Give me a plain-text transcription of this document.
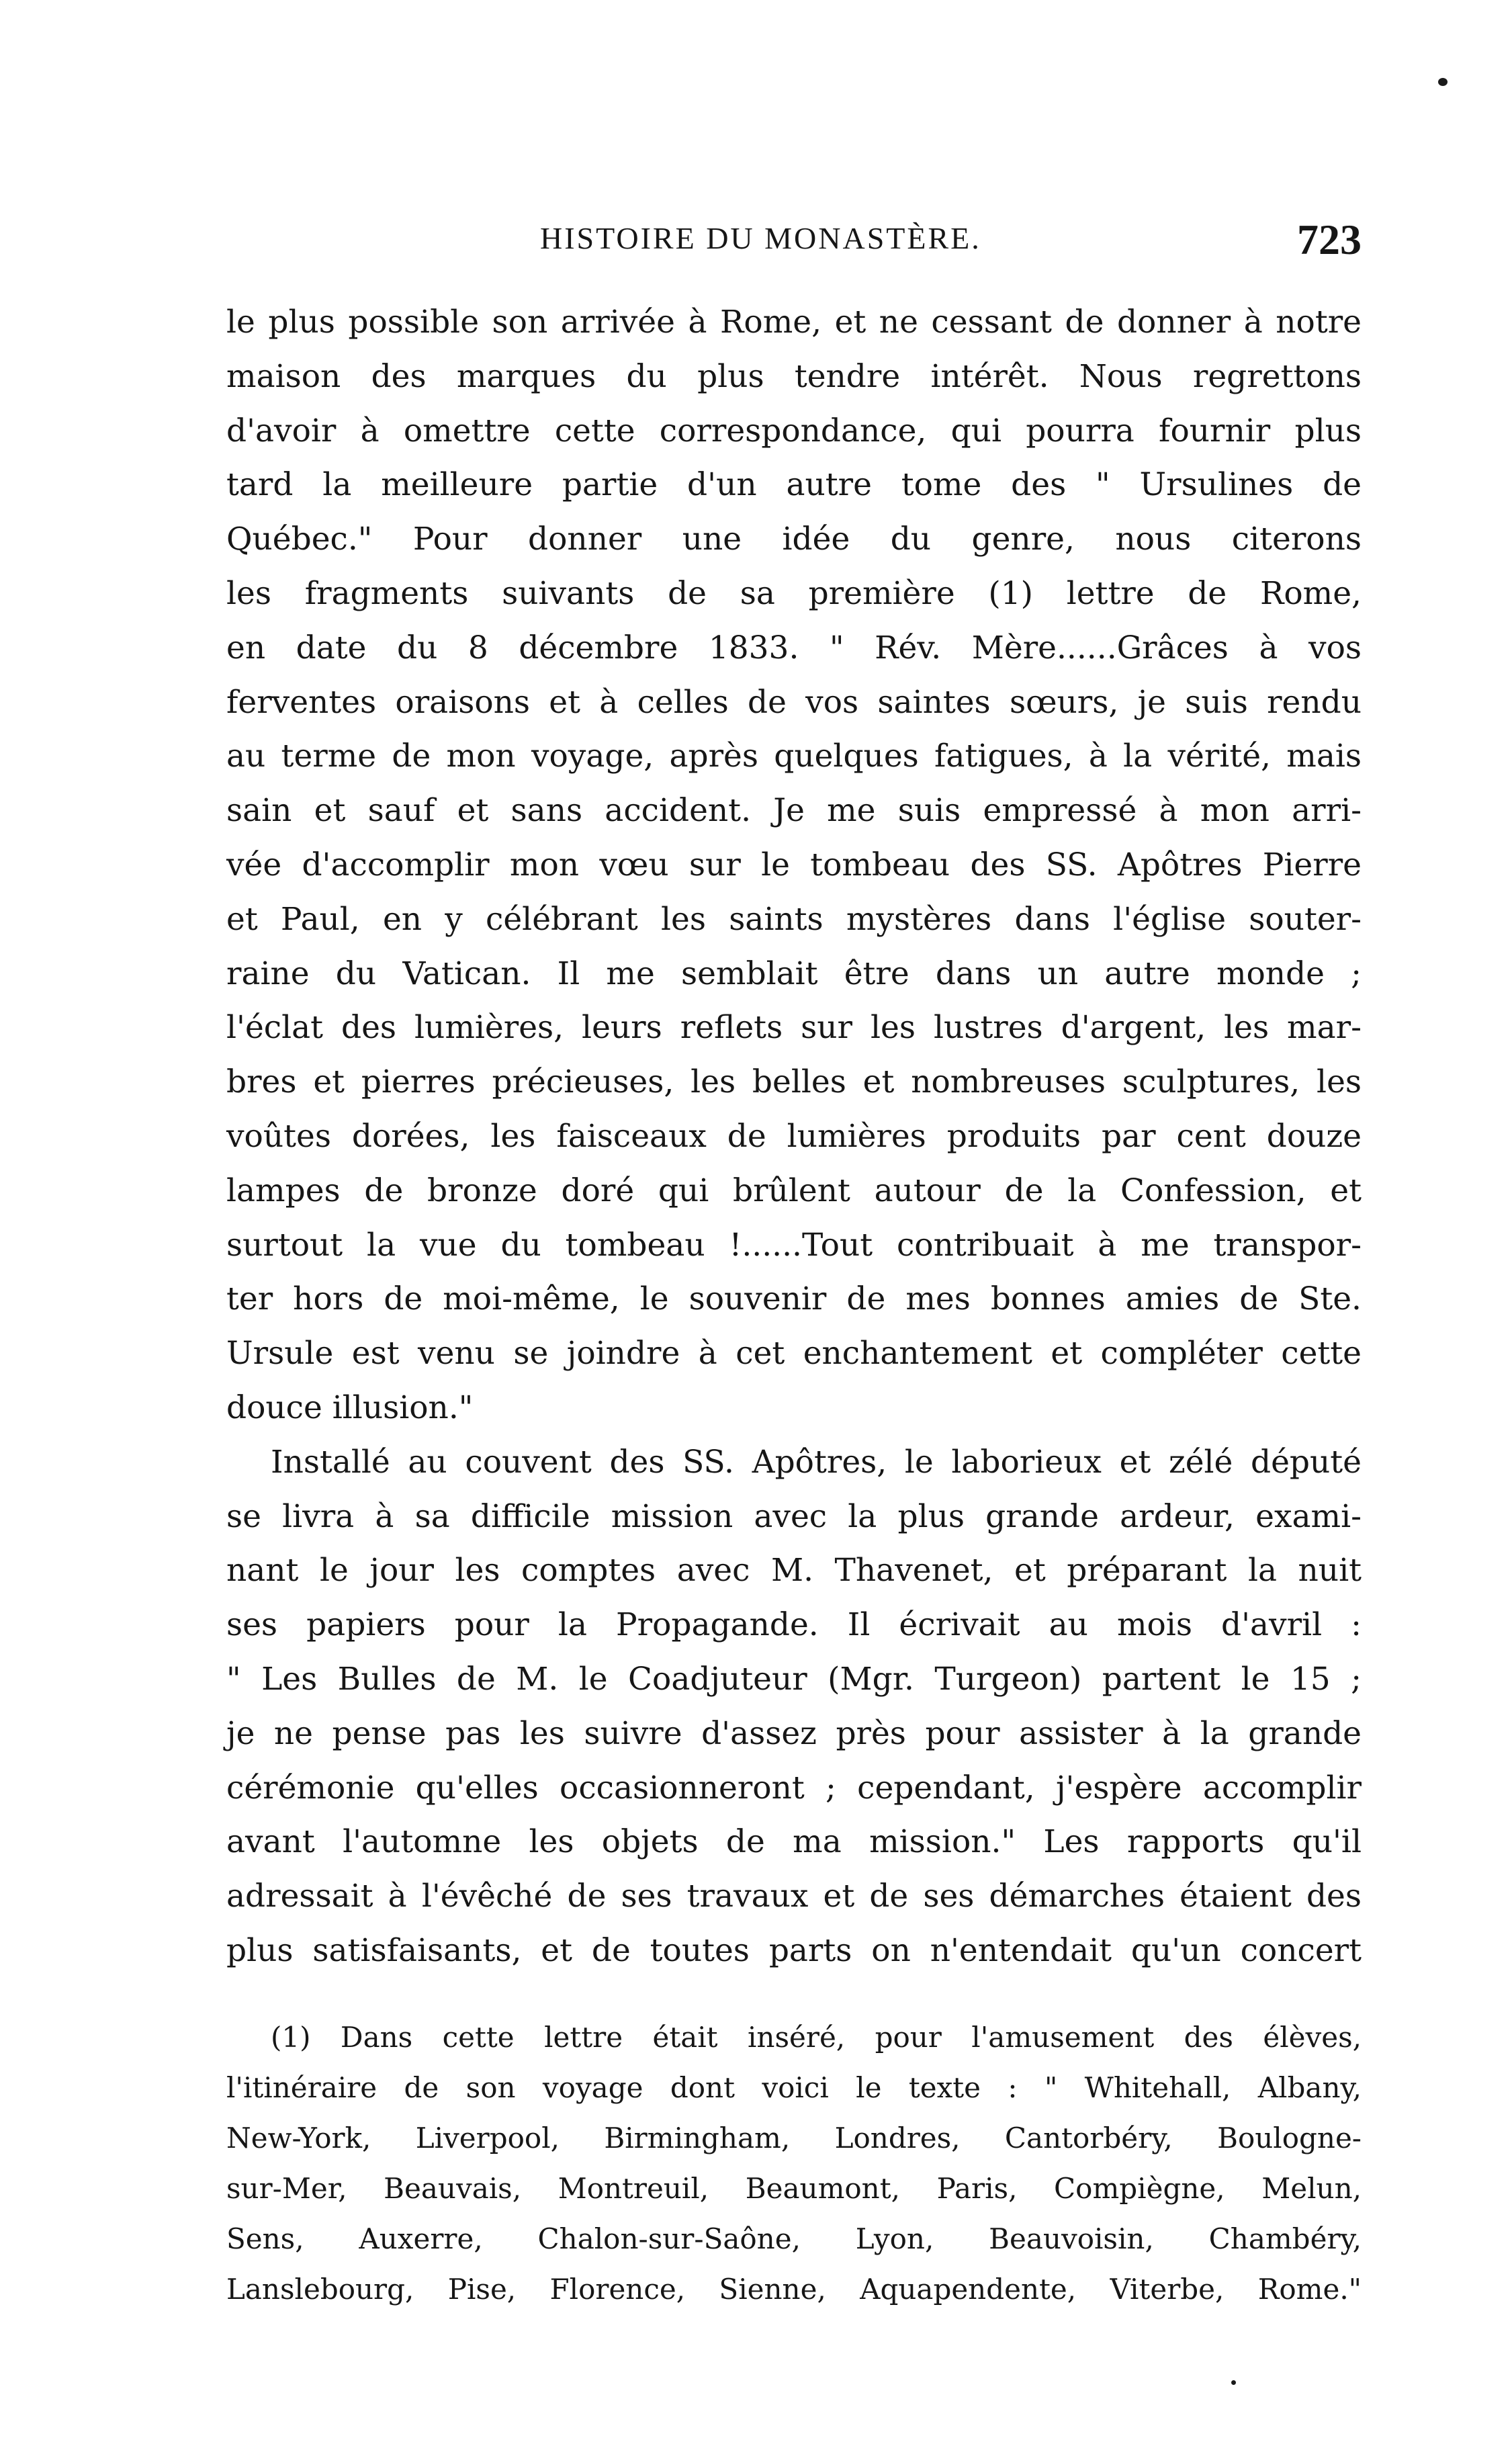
HISTOIRE DU MONASTÈRE.	723
le plus possible son arrivée à Rome, et ne cessant de donner à notre
maison des marques du plus tendre intérêt. Nous regrettons
d'avoir à omettre cette correspondance, qui pourra fournir plus
tard la meilleure partie d'un autre tome des " Ursulines de
Québec." Pour donner une idée du genre, nous citerons
les fragments suivants de sa première (1) lettre de Rome,
en date du 8 décembre 1833. " Rév. Mère......Grâces à vos
ferventes oraisons et à celles de vos saintes sœurs, je suis rendu
au terme de mon voyage, après quelques fatigues, à la vérité, mais
sain et sauf et sans accident. Je me suis empressé à mon arri-
vée d'accomplir mon vœu sur le tombeau des SS. Apôtres Pierre
et Paul, en y célébrant les saints mystères dans l'église souter-
raine du Vatican. Il me semblait être dans un autre monde ;
l'éclat des lumières, leurs reflets sur les lustres d'argent, les mar-
bres et pierres précieuses, les belles et nombreuses sculptures, les
voûtes dorées, les faisceaux de lumières produits par cent douze
lampes de bronze doré qui brûlent autour de la Confession, et
surtout la vue du tombeau !......Tout contribuait à me transpor-
ter hors de moi-même, le souvenir de mes bonnes amies de Ste.
Ursule est venu se joindre à cet enchantement et compléter cette
douce illusion."
Installé au couvent des SS. Apôtres, le laborieux et zélé député
se livra à sa difficile mission avec la plus grande ardeur, exami-
nant le jour les comptes avec M. Thavenet, et préparant la nuit
ses papiers pour la Propagande. Il écrivait au mois d'avril :
" Les Bulles de M. le Coadjuteur (Mgr. Turgeon) partent le 15 ;
je ne pense pas les suivre d'assez près pour assister à la grande
cérémonie qu'elles occasionneront ; cependant, j'espère accomplir
avant l'automne les objets de ma mission." Les rapports qu'il
adressait à l'évêché de ses travaux et de ses démarches étaient des
plus satisfaisants, et de toutes parts on n'entendait qu'un concert
(1) Dans cette lettre était inséré, pour l'amusement des élèves,
l'itinéraire de son voyage dont voici le texte : " Whitehall, Albany,
New-York, Liverpool, Birmingham, Londres, Cantorbéry, Boulogne-
sur-Mer, Beauvais, Montreuil, Beaumont, Paris, Compiègne, Melun,
Sens, Auxerre, Chalon-sur-Saône, Lyon, Beauvoisin, Chambéry,
Lanslebourg, Pise, Florence, Sienne, Aquapendente, Viterbe, Rome."
